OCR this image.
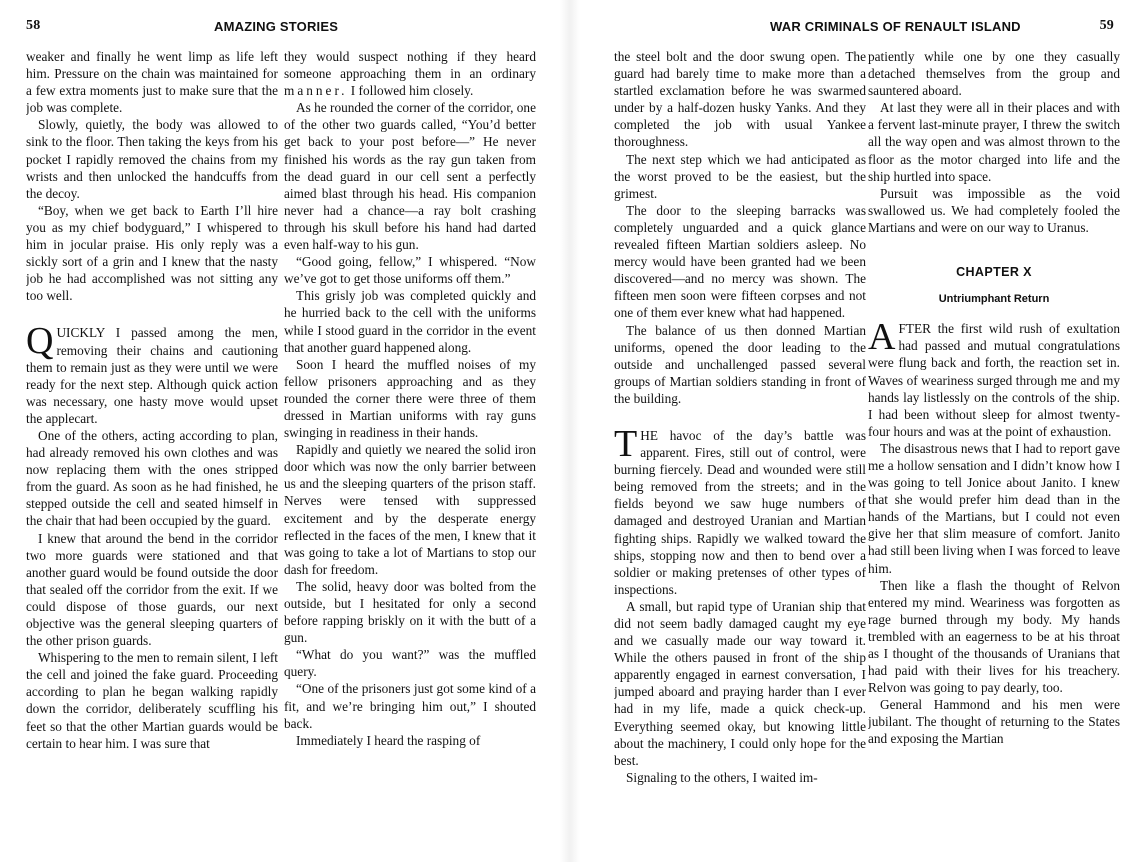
58	AMAZING STORIES

weaker and finally he went limp as life left him. Pressure on the chain was maintained for a few extra moments just to make sure that the job was complete.

Slowly, quietly, the body was allowed to sink to the floor. Then taking the keys from his pocket I rapidly removed the chains from my wrists and then unlocked the handcuffs from the decoy.

“Boy, when we get back to Earth I’ll hire you as my chief bodyguard,” I whispered to him in jocular praise. His only reply was a sickly sort of a grin and I knew that the nasty job he had accomplished was not sitting any too well.

QUICKLY I passed among the men, removing their chains and cautioning them to remain just as they were until we were ready for the next step. Although quick action was necessary, one hasty move would upset the applecart.

One of the others, acting according to plan, had already removed his own clothes and was now replacing them with the ones stripped from the guard. As soon as he had finished, he stepped outside the cell and seated himself in the chair that had been occupied by the guard.

I knew that around the bend in the corridor two more guards were stationed and that another guard would be found outside the door that sealed off the corridor from the exit. If we could dispose of those guards, our next objective was the general sleeping quarters of the other prison guards.

Whispering to the men to remain silent, I left the cell and joined the fake guard. Proceeding according to plan he began walking rapidly down the corridor, deliberately scuffling his feet so that the other Martian guards would be certain to hear him. I was sure that

they would suspect nothing if they heard someone approaching them in an ordinary manner. I followed him closely.

As he rounded the corner of the corridor, one of the other two guards called, “You’d better get back to your post before—” He never finished his words as the ray gun taken from the dead guard in our cell sent a perfectly aimed blast through his head. His companion never had a chance—a ray bolt crashing through his skull before his hand had darted even half-way to his gun.

“Good going, fellow,” I whispered. “Now we’ve got to get those uniforms off them.”

This grisly job was completed quickly and he hurried back to the cell with the uniforms while I stood guard in the corridor in the event that another guard happened along.

Soon I heard the muffled noises of my fellow prisoners approaching and as they rounded the corner there were three of them dressed in Martian uniforms with ray guns swinging in readiness in their hands.

Rapidly and quietly we neared the solid iron door which was now the only barrier between us and the sleeping quarters of the prison staff. Nerves were tensed with suppressed excitement and by the desperate energy reflected in the faces of the men, I knew that it was going to take a lot of Martians to stop our dash for freedom.

The solid, heavy door was bolted from the outside, but I hesitated for only a second before rapping briskly on it with the butt of a gun.

“What do you want?” was the muffled query.

“One of the prisoners just got some kind of a fit, and we’re bringing him out,” I shouted back.

Immediately I heard the rasping of

WAR CRIMINALS OF RENAULT ISLAND	59

the steel bolt and the door swung open. The guard had barely time to make more than a startled exclamation before he was swarmed under by a half-dozen husky Yanks. And they completed the job with usual Yankee thoroughness.

The next step which we had anticipated as the worst proved to be the easiest, but the grimest.

The door to the sleeping barracks was completely unguarded and a quick glance revealed fifteen Martian soldiers asleep. No mercy would have been granted had we been discovered—and no mercy was shown. The fifteen men soon were fifteen corpses and not one of them ever knew what had happened.

The balance of us then donned Martian uniforms, opened the door leading to the outside and unchallenged passed several groups of Martian soldiers standing in front of the building.

THE havoc of the day’s battle was apparent. Fires, still out of control, were burning fiercely. Dead and wounded were still being removed from the streets; and in the fields beyond we saw huge numbers of damaged and destroyed Uranian and Martian fighting ships. Rapidly we walked toward the ships, stopping now and then to bend over a soldier or making pretenses of other types of inspections.

A small, but rapid type of Uranian ship that did not seem badly damaged caught my eye and we casually made our way toward it. While the others paused in front of the ship apparently engaged in earnest conversation, I jumped aboard and praying harder than I ever had in my life, made a quick check-up. Everything seemed okay, but knowing little about the machinery, I could only hope for the best.

Signaling to the others, I waited im-

patiently while one by one they casually detached themselves from the group and sauntered aboard.

At last they were all in their places and with a fervent last-minute prayer, I threw the switch all the way open and was almost thrown to the floor as the motor charged into life and the ship hurtled into space.

Pursuit was impossible as the void swallowed us. We had completely fooled the Martians and were on our way to Uranus.

CHAPTER X

Untriumphant Return

AFTER the first wild rush of exultation had passed and mutual congratulations were flung back and forth, the reaction set in. Waves of weariness surged through me and my hands lay listlessly on the controls of the ship. I had been without sleep for almost twenty-four hours and was at the point of exhaustion.

The disastrous news that I had to report gave me a hollow sensation and I didn’t know how I was going to tell Jonice about Janito. I knew that she would prefer him dead than in the hands of the Martians, but I could not even give her that slim measure of comfort. Janito had still been living when I was forced to leave him.

Then like a flash the thought of Relvon entered my mind. Weariness was forgotten as rage burned through my body. My hands trembled with an eagerness to be at his throat as I thought of the thousands of Uranians that had paid with their lives for his treachery. Relvon was going to pay dearly, too.

General Hammond and his men were jubilant. The thought of returning to the States and exposing the Martian
